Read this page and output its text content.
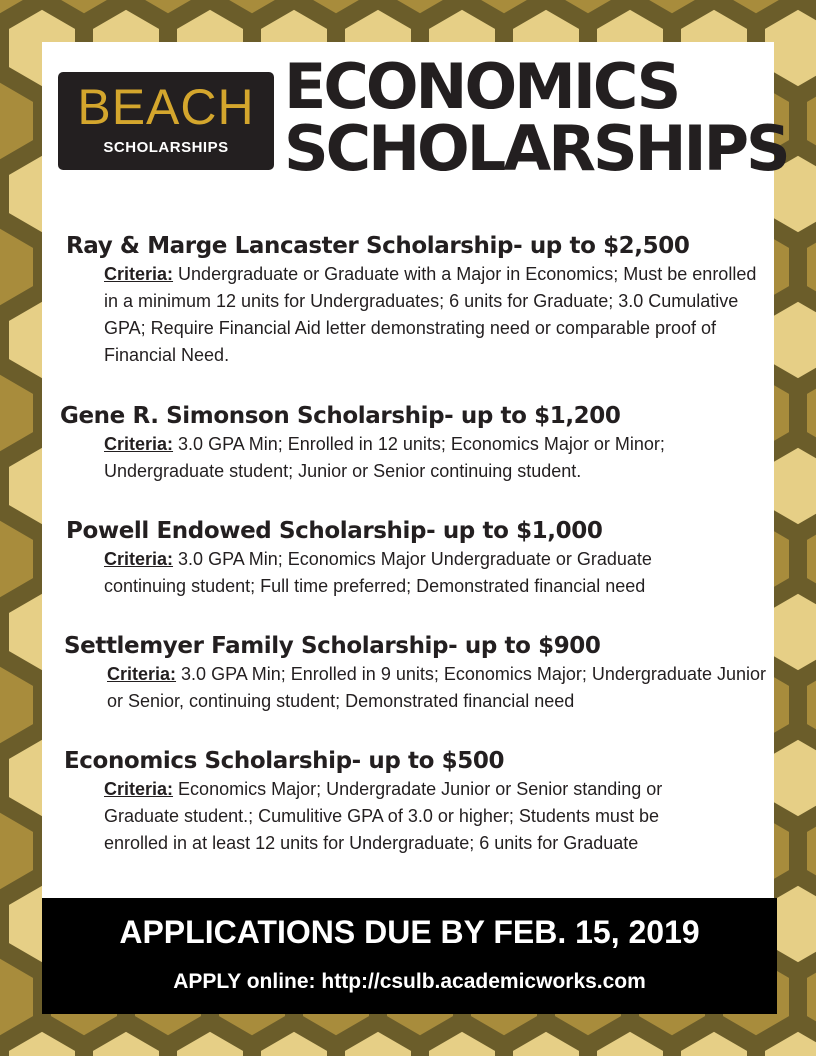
BEACH
SCHOLARSHIPS
ECONOMICS
SCHOLARSHIPS
Ray & Marge Lancaster Scholarship- up to $2,500
Criteria: Undergraduate or Graduate with a Major in Economics; Must be enrolled in a minimum 12 units for Undergraduates; 6 units for Graduate; 3.0 Cumulative GPA; Require Financial Aid letter demonstrating need or comparable proof of Financial Need.
Gene R. Simonson Scholarship- up to $1,200
Criteria: 3.0 GPA Min; Enrolled in 12 units; Economics Major or Minor; Undergraduate student; Junior or Senior continuing student.
Powell Endowed Scholarship- up to $1,000
Criteria: 3.0 GPA Min; Economics Major Undergraduate or Graduate continuing student; Full time preferred; Demonstrated financial need
Settlemyer Family Scholarship- up to $900
Criteria: 3.0 GPA Min; Enrolled in 9 units; Economics Major; Undergraduate Junior or Senior, continuing student; Demonstrated financial need
Economics Scholarship- up to $500
Criteria: Economics Major; Undergradate Junior or Senior standing or Graduate student.; Cumulitive GPA of 3.0 or higher; Students must be enrolled in at least 12 units for Undergraduate; 6 units for Graduate
APPLICATIONS DUE BY FEB. 15, 2019
APPLY online: http://csulb.academicworks.com
